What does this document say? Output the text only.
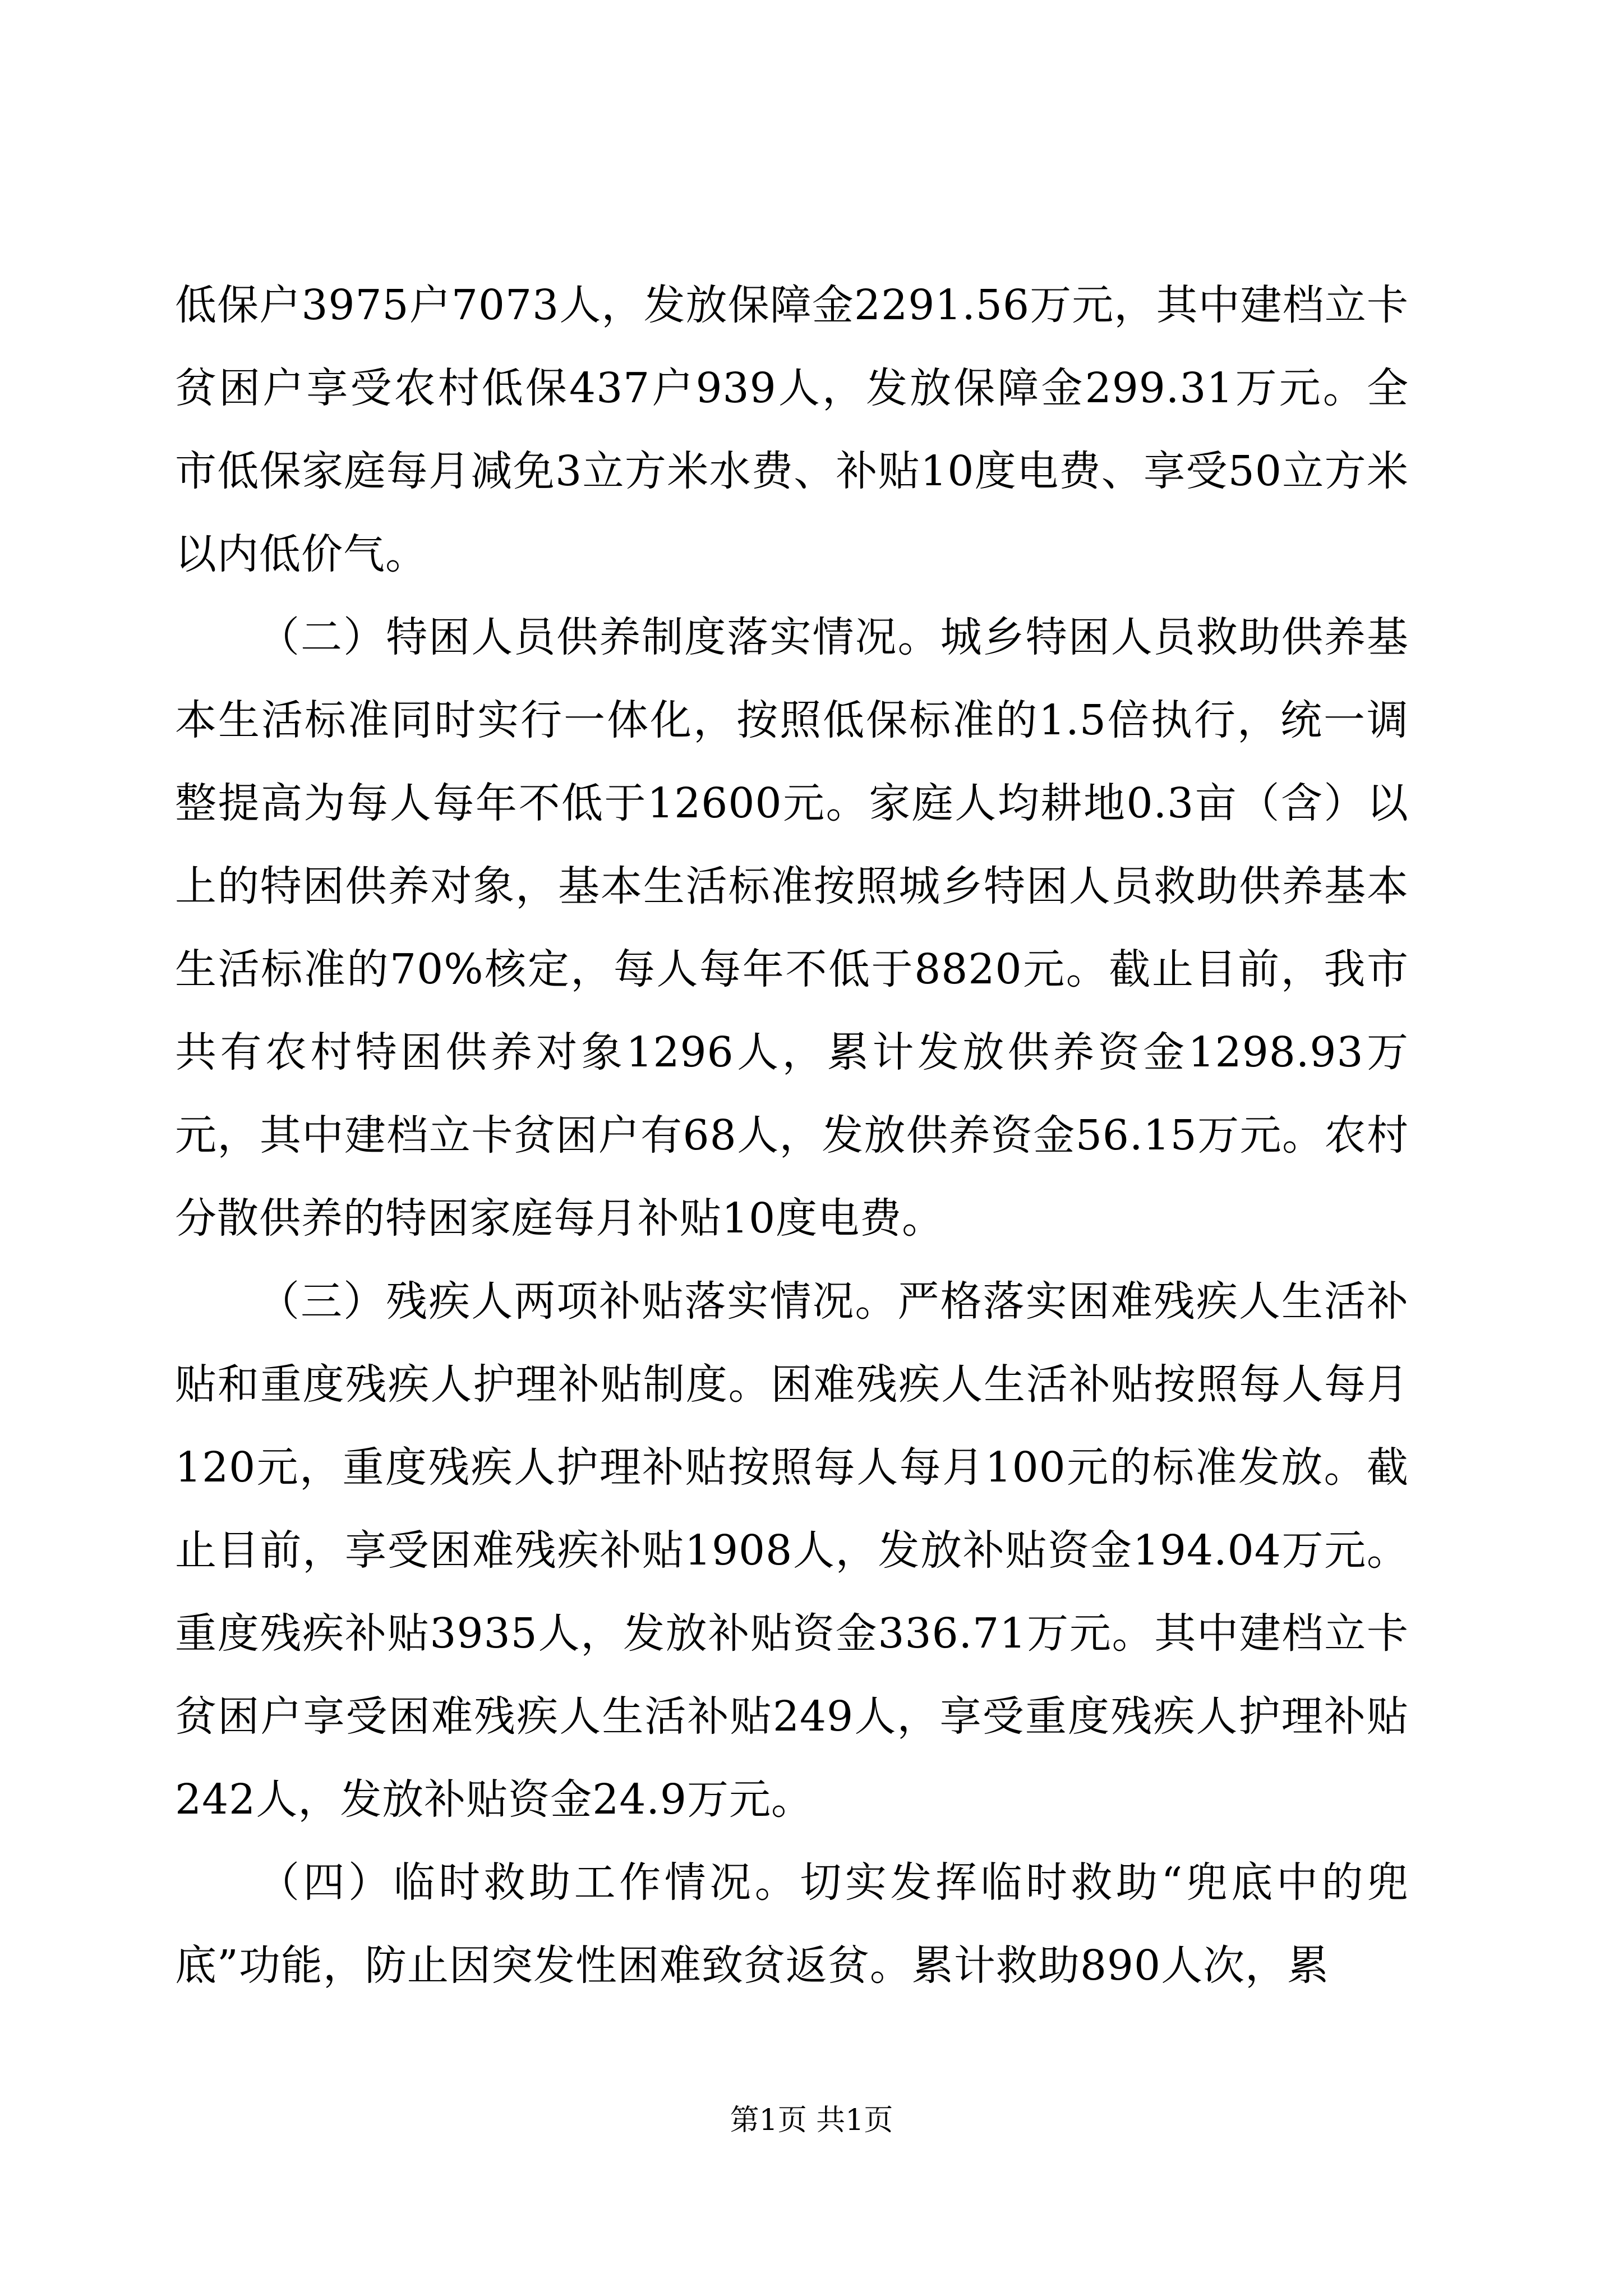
低保户3975户7073人，发放保障金2291.56万元，其中建档立卡贫困户享受农村低保437户939人，发放保障金299.31万元。全市低保家庭每月减免3立方米水费、补贴10度电费、享受50立方米以内低价气。

（二）特困人员供养制度落实情况。城乡特困人员救助供养基本生活标准同时实行一体化，按照低保标准的1.5倍执行，统一调整提高为每人每年不低于12600元。家庭人均耕地0.3亩（含）以上的特困供养对象，基本生活标准按照城乡特困人员救助供养基本生活标准的70%核定，每人每年不低于8820元。截止目前，我市共有农村特困供养对象1296人，累计发放供养资金1298.93万元，其中建档立卡贫困户有68人，发放供养资金56.15万元。农村分散供养的特困家庭每月补贴10度电费。

（三）残疾人两项补贴落实情况。严格落实困难残疾人生活补贴和重度残疾人护理补贴制度。困难残疾人生活补贴按照每人每月120元，重度残疾人护理补贴按照每人每月100元的标准发放。截止目前，享受困难残疾补贴1908人，发放补贴资金194.04万元。重度残疾补贴3935人，发放补贴资金336.71万元。其中建档立卡贫困户享受困难残疾人生活补贴249人，享受重度残疾人护理补贴242人，发放补贴资金24.9万元。

（四）临时救助工作情况。切实发挥临时救助“兜底中的兜底”功能，防止因突发性困难致贫返贫。累计救助890人次，累

第1页 共1页
